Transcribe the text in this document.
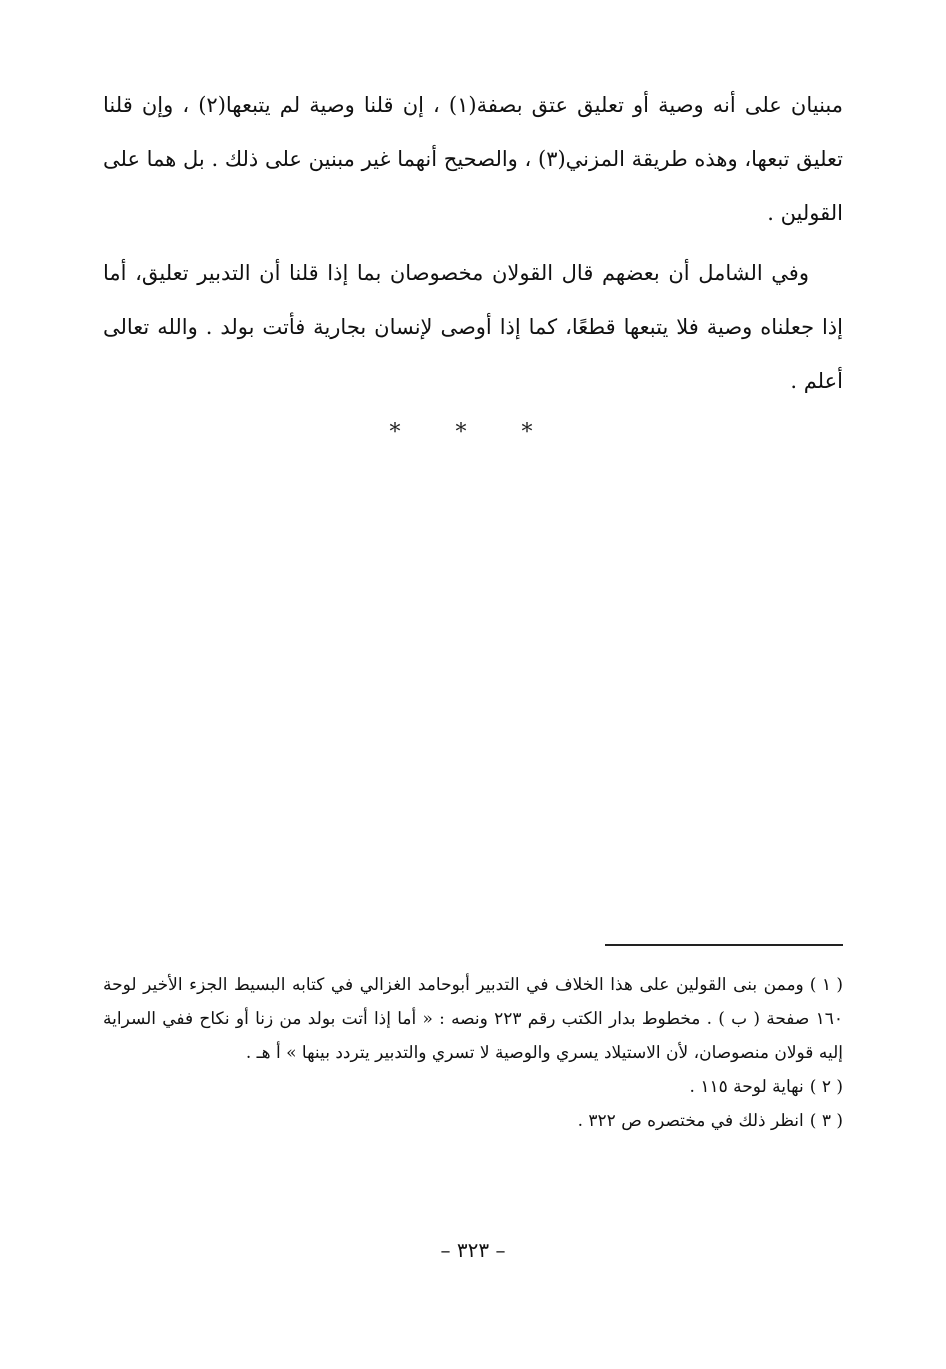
مبنيان على أنه وصية أو تعليق عتق بصفة(١) ، إن قلنا وصية لم يتبعها(٢) ، وإن قلنا تعليق تبعها، وهذه طريقة المزني(٣) ، والصحيح أنهما غير مبنين على ذلك . بل هما على القولين .

وفي الشامل أن بعضهم قال القولان مخصوصان بما إذا قلنا أن التدبير تعليق، أما إذا جعلناه وصية فلا يتبعها قطعًا، كما إذا أوصى لإنسان بجارية فأتت بولد . والله تعالى أعلم .

* * *

( ١ )وممن بنى القولين على هذا الخلاف في التدبير أبوحامد الغزالي في كتابه البسيط الجزء الأخير لوحة ١٦٠ صفحة ( ب ) . مخطوط بدار الكتب رقم ٢٢٣ ونصه : « أما إذا أتت بولد من زنا أو نكاح ففي السراية إليه قولان منصوصان، لأن الاستيلاد يسري والوصية لا تسري والتدبير يتردد بينها » أ هـ .

( ٢ )نهاية لوحة ١١٥ .

( ٣ )انظر ذلك في مختصره ص ٣٢٢ .

– ٣٢٣ –
